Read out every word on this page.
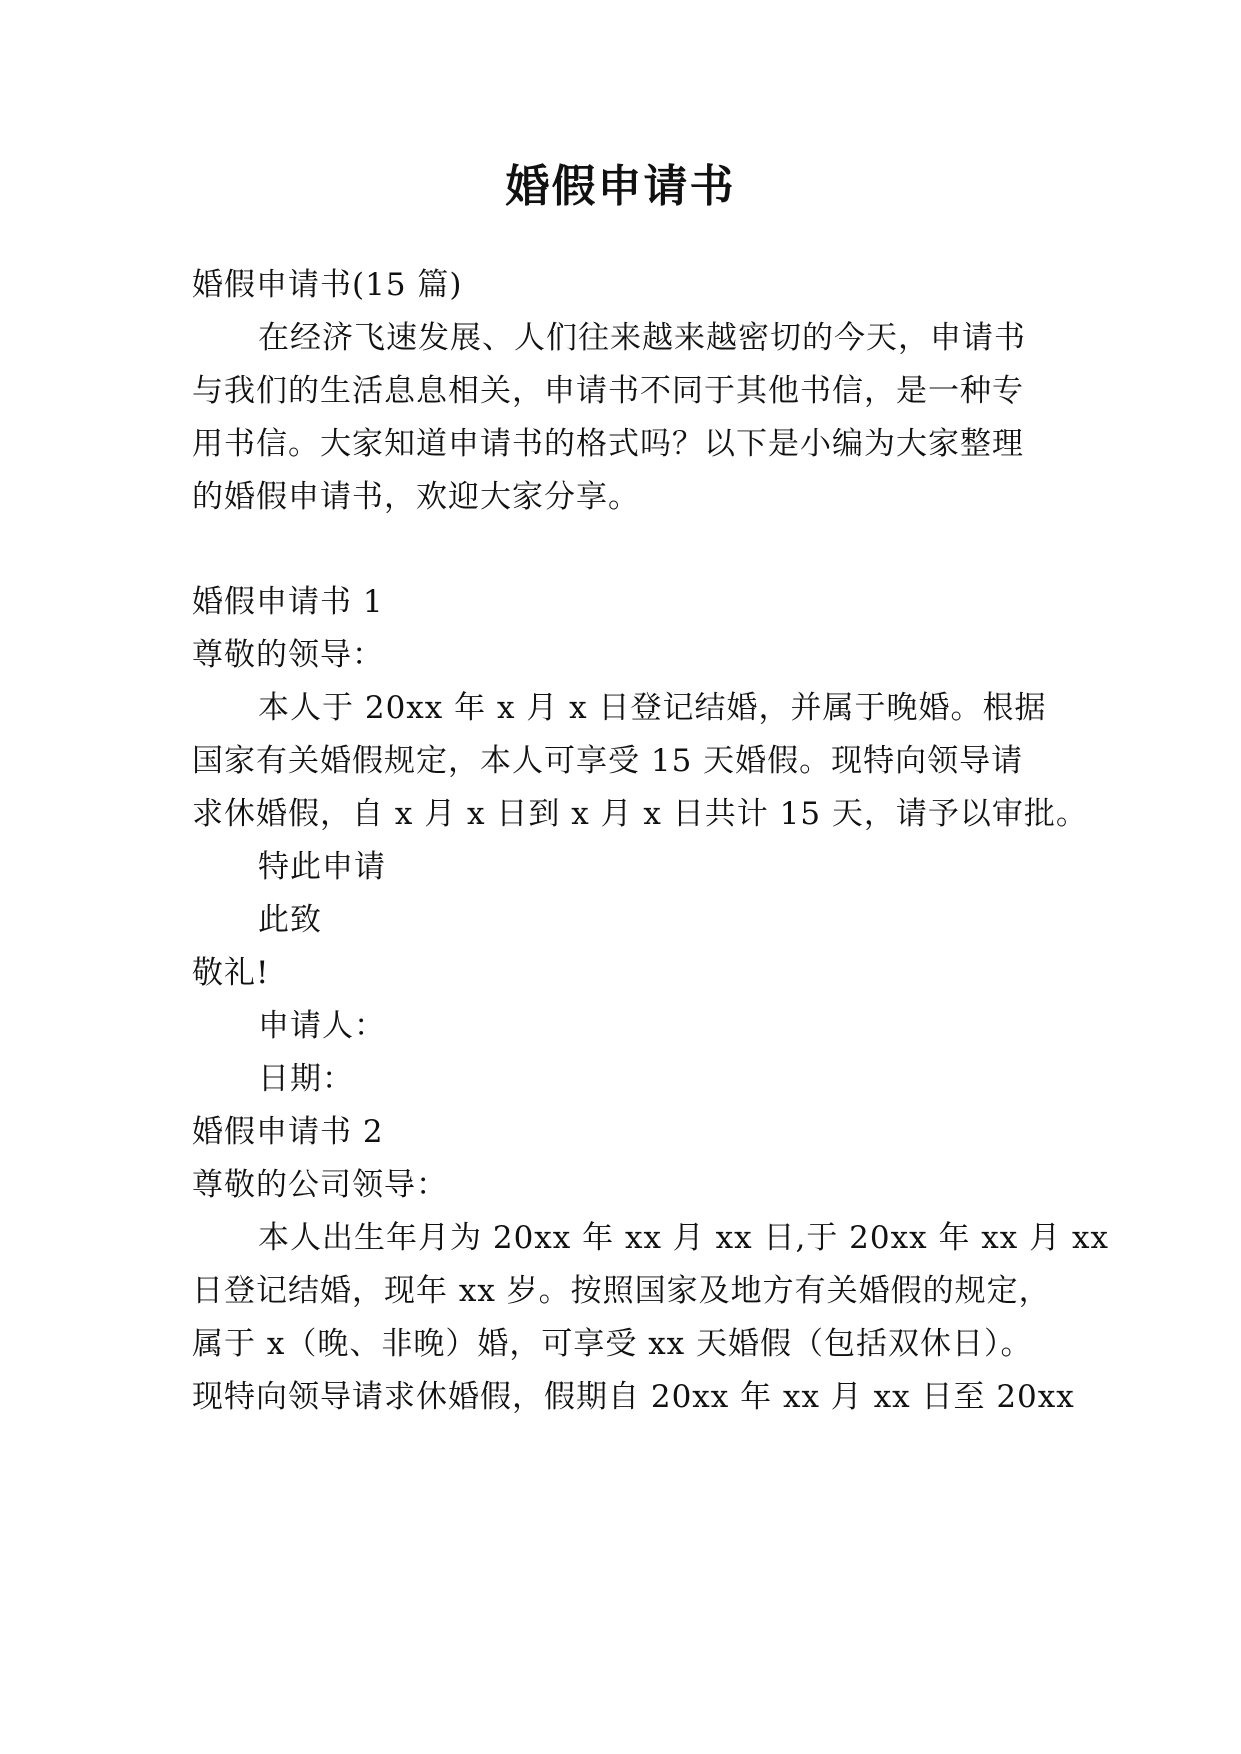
婚假申请书
婚假申请书(15 篇)
在经济飞速发展、人们往来越来越密切的今天，申请书
与我们的生活息息相关，申请书不同于其他书信，是一种专
用书信。大家知道申请书的格式吗？以下是小编为大家整理
的婚假申请书，欢迎大家分享。
婚假申请书 1
尊敬的领导：
本人于 20xx 年 x 月 x 日登记结婚，并属于晚婚。根据
国家有关婚假规定，本人可享受 15 天婚假。现特向领导请
求休婚假，自 x 月 x 日到 x 月 x 日共计 15 天，请予以审批。
特此申请
此致
敬礼!
申请人：
日期：
婚假申请书 2
尊敬的公司领导：
本人出生年月为 20xx 年 xx 月 xx 日,于 20xx 年 xx 月 xx
日登记结婚，现年 xx 岁。按照国家及地方有关婚假的规定，
属于 x（晚、非晚）婚，可享受 xx 天婚假（包括双休日）。
现特向领导请求休婚假，假期自 20xx 年 xx 月 xx 日至 20xx
